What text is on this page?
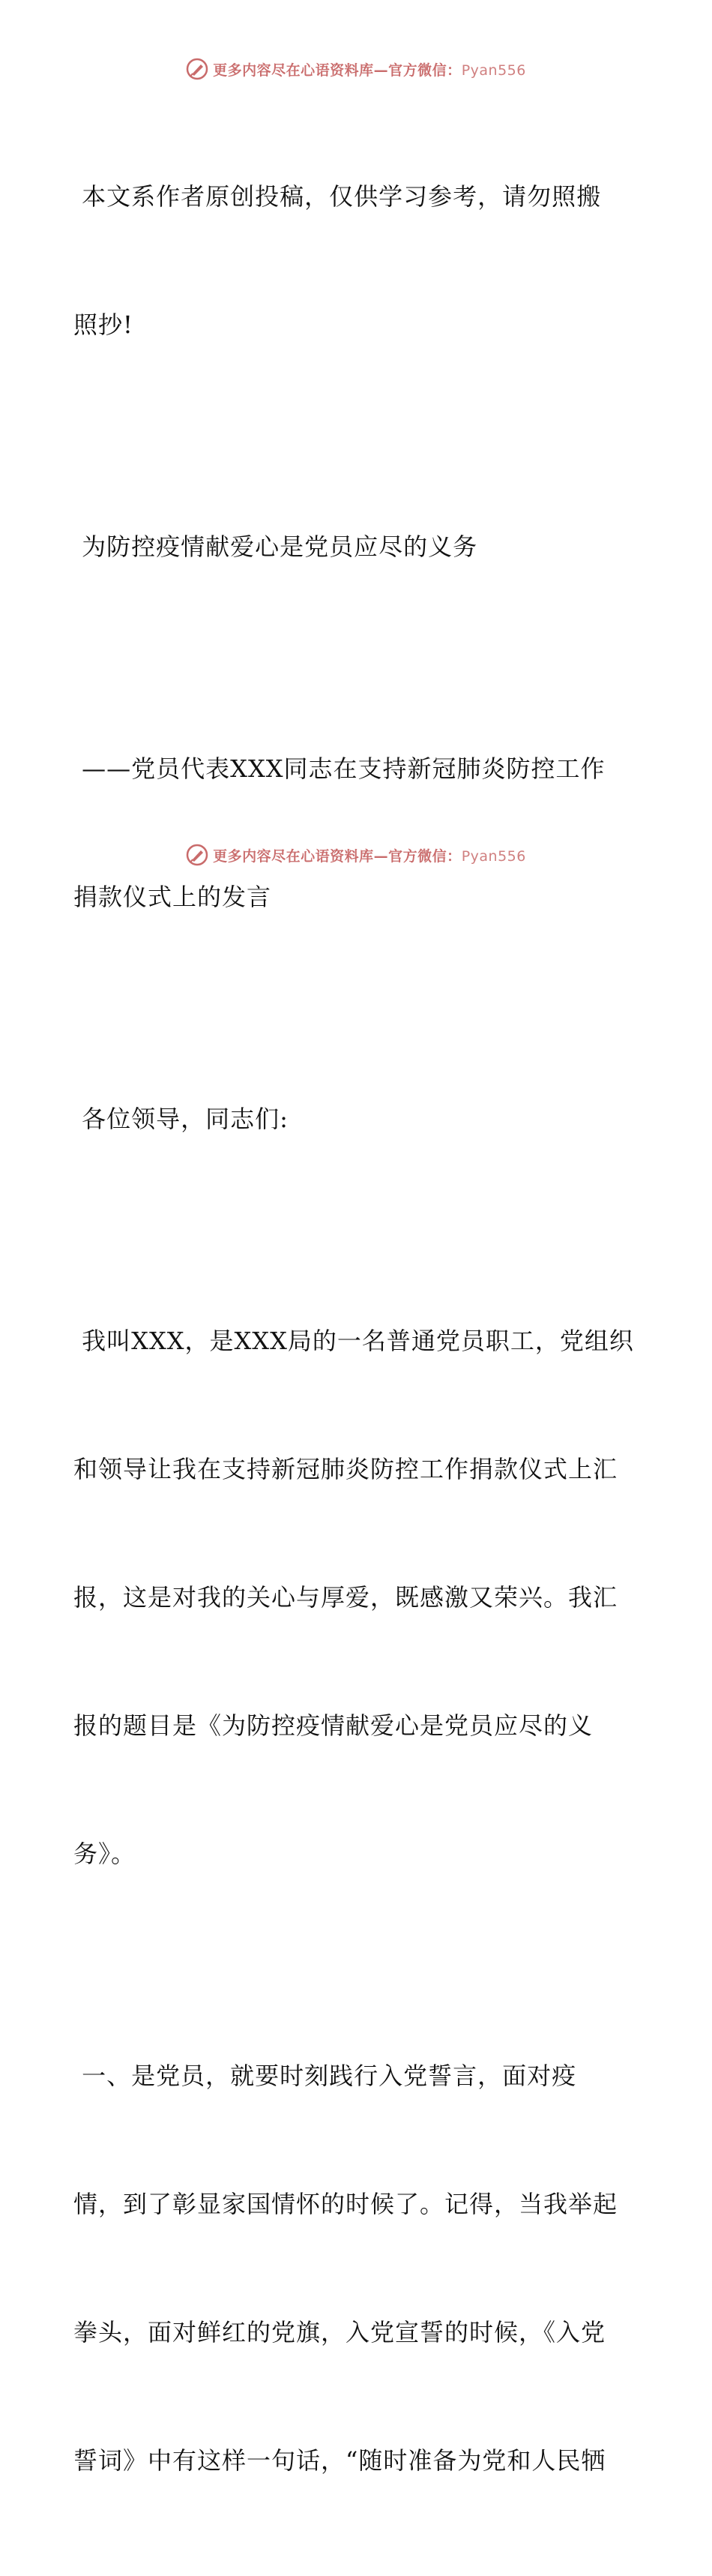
更多内容尽在心语资料库—官方微信：Pyan556

本文系作者原创投稿，仅供学习参考，请勿照搬

照抄!

为防控疫情献爱心是党员应尽的义务

——党员代表XXX同志在支持新冠肺炎防控工作

捐款仪式上的发言

各位领导，同志们:

我叫XXX，是XXX局的一名普通党员职工，党组织

和领导让我在支持新冠肺炎防控工作捐款仪式上汇

报，这是对我的关心与厚爱，既感激又荣兴。我汇

报的题目是《为防控疫情献爱心是党员应尽的义

务》。

一、是党员，就要时刻践行入党誓言，面对疫

情，到了彰显家国情怀的时候了。记得，当我举起

拳头，面对鲜红的党旗，入党宣誓的时候，《入党

誓词》中有这样一句话，“随时准备为党和人民牺

更多内容尽在心语资料库—官方微信：Pyan556
